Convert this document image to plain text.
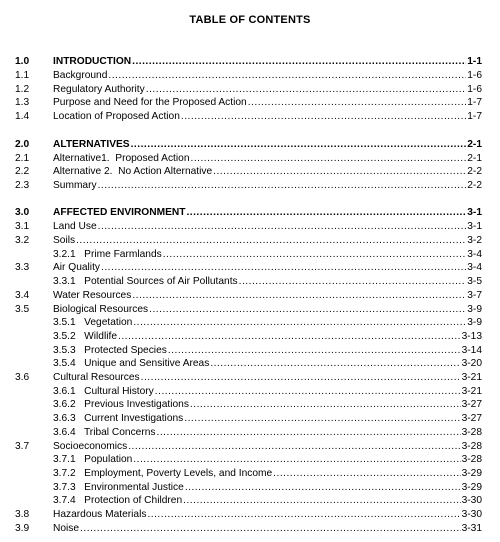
TABLE OF CONTENTS
1.0 INTRODUCTION .....	1-1
1.1 Background .....	1-6
1.2 Regulatory Authority .....	1-6
1.3 Purpose and Need for the Proposed Action .....	1-7
1.4 Location of Proposed Action .....	1-7
2.0 ALTERNATIVES .....	2-1
2.1 Alternative1.  Proposed Action .....	2-1
2.2 Alternative 2.  No Action Alternative .....	2-2
2.3 Summary .....	2-2
3.0 AFFECTED ENVIRONMENT .....	3-1
3.1 Land Use .....	3-1
3.2 Soils .....	3-2
3.2.1   Prime Farmlands .....	3-4
3.3 Air Quality .....	3-4
3.3.1   Potential Sources of Air Pollutants .....	3-5
3.4 Water Resources .....	3-7
3.5 Biological Resources .....	3-9
3.5.1   Vegetation .....	3-9
3.5.2   Wildlife .....	3-13
3.5.3   Protected Species .....	3-14
3.5.4   Unique and Sensitive Areas .....	3-20
3.6 Cultural Resources .....	3-21
3.6.1   Cultural History .....	3-21
3.6.2   Previous Investigations .....	3-27
3.6.3   Current Investigations .....	3-27
3.6.4   Tribal Concerns .....	3-28
3.7 Socioeconomics .....	3-28
3.7.1   Population .....	3-28
3.7.2   Employment, Poverty Levels, and Income .....	3-29
3.7.3   Environmental Justice .....	3-29
3.7.4   Protection of Children .....	3-30
3.8 Hazardous Materials .....	3-30
3.9 Noise .....	3-31
